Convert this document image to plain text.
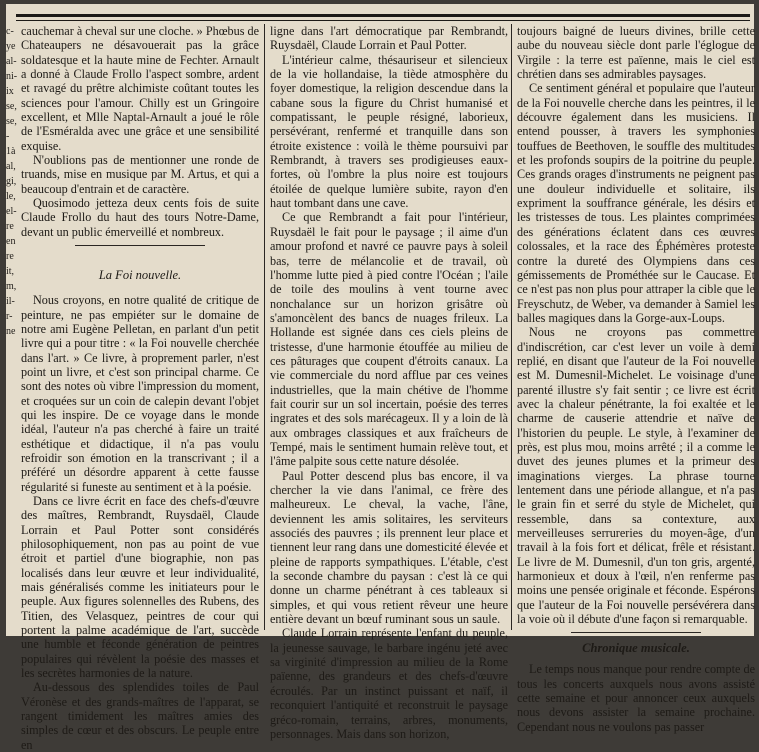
c- ye al- ni- ix se, se, - 1à al, gi, le, el- re en re it, m, il- r- ne

cauchemar à cheval sur une cloche. » Phœbus de Chateaupers ne désavouerait pas la grâce soldatesque et la haute mine de Fechter. Arnault a donné à Claude Frollo l'aspect sombre, ardent et ravagé du prêtre alchimiste coûtant toutes les sciences pour l'amour. Chilly est un Gringoire excellent, et Mlle Naptal-Arnault a joué le rôle de l'Esméralda avec une grâce et une sensibilité exquise.

N'oublions pas de mentionner une ronde de truands, mise en musique par M. Artus, et qui a beaucoup d'entrain et de caractère.

Quosimodo jetteza deux cents fois de suite Claude Frollo du haut des tours Notre-Dame, devant un public émerveillé et nombreux.

La Foi nouvelle.

Nous croyons, en notre qualité de critique de peinture, ne pas empiéter sur le domaine de notre ami Eugène Pelletan, en parlant d'un petit livre qui a pour titre : « la Foi nouvelle cherchée dans l'art. » Ce livre, à proprement parler, n'est point un livre, et c'est son principal charme. Ce sont des notes où vibre l'impression du moment, et croquées sur un coin de calepin devant l'objet qui les inspire. De ce voyage dans le monde idéal, l'auteur n'a pas cherché à faire un traité esthétique et didactique, il n'a pas voulu refroidir son émotion en la transcrivant ; il a préféré un désordre apparent à cette fausse régularité si funeste au sentiment et à la poésie.

Dans ce livre écrit en face des chefs-d'œuvre des maîtres, Rembrandt, Ruysdaël, Claude Lorrain et Paul Potter sont considérés philosophiquement, non pas au point de vue étroit et partiel d'une biographie, non pas localisés dans leur œuvre et leur individualité, mais généralisés comme les initiateurs pour le peuple. Aux figures solennelles des Rubens, des Titien, des Velasquez, peintres de cour qui portent la palme académique de l'art, succède une humble et féconde génération de peintres populaires qui révèlent la poésie des masses et les secrètes harmonies de la nature.

Au-dessous des splendides toiles de Paul Véronèse et des grands-maîtres de l'apparat, se rangent timidement les maîtres amies des simples de cœur et des obscurs. Le peuple entre en

ligne dans l'art démocratique par Rembrandt, Ruysdaël, Claude Lorrain et Paul Potter.

L'intérieur calme, thésauriseur et silencieux de la vie hollandaise, la tiède atmosphère du foyer domestique, la religion descendue dans la cabane sous la figure du Christ humanisé et compatissant, le peuple résigné, laborieux, persévérant, renfermé et tranquille dans son étroite existence : voilà le thème poursuivi par Rembrandt, à travers ses prodigieuses eaux-fortes, où l'ombre la plus noire est toujours étoilée de quelque lumière subite, rayon d'en haut tombant dans une cave.

Ce que Rembrandt a fait pour l'intérieur, Ruysdaël le fait pour le paysage ; il aime d'un amour profond et navré ce pauvre pays à soleil bas, terre de mélancolie et de travail, où l'homme lutte pied à pied contre l'Océan ; l'aile de toile des moulins à vent tourne avec nonchalance sur un horizon grisâtre où s'amoncèlent des bancs de nuages frileux. La Hollande est signée dans ces ciels pleins de tristesse, d'une harmonie étouffée au milieu de ces pâturages que coupent d'étroits canaux. La vie commerciale du nord afflue par ces veines industrielles, que la main chétive de l'homme fait courir sur un sol incertain, poésie des terres ingrates et des sols marécageux. Il y a loin de là aux ombrages classiques et aux fraîcheurs de Tempé, mais le sentiment humain relève tout, et l'âme palpite sous cette nature désolée.

Paul Potter descend plus bas encore, il va chercher la vie dans l'animal, ce frère des malheureux. Le cheval, la vache, l'âne, deviennent les amis solitaires, les serviteurs associés des pauvres ; ils prennent leur place et tiennent leur rang dans une domesticité élevée et pleine de rapports sympathiques. L'étable, c'est la seconde chambre du paysan : c'est là ce qui donne un charme pénétrant à ces tableaux si simples, et qui vous retient rêveur une heure entière devant un bœuf ruminant sous un saule.

Claude Lorrain représente l'enfant du peuple, la jeunesse sauvage, le barbare ingénu jeté avec sa virginité d'impression au milieu de la Rome païenne, des grandeurs et des chefs-d'œuvre écroulés. Par un instinct puissant et naïf, il reconquiert l'antiquité et reconstruit le paysage gréco-romain, terrains, arbres, monuments, personnages. Mais dans son horizon,

toujours baigné de lueurs divines, brille cette aube du nouveau siècle dont parle l'églogue de Virgile : la terre est païenne, mais le ciel est chrétien dans ses admirables paysages.

Ce sentiment général et populaire que l'auteur de la Foi nouvelle cherche dans les peintres, il le découvre également dans les musiciens. Il entend pousser, à travers les symphonies touffues de Beethoven, le souffle des multitudes et les profonds soupirs de la poitrine du peuple. Ces grands orages d'instruments ne peignent pas une douleur individuelle et solitaire, ils expriment la souffrance générale, les désirs et les tristesses de tous. Les plaintes comprimées des générations éclatent dans ces œuvres colossales, et la race des Éphémères proteste contre la dureté des Olympiens dans ces gémissements de Prométhée sur le Caucase. Et ce n'est pas non plus pour attraper la cible que le Freyschutz, de Weber, va demander à Samiel les balles magiques dans la Gorge-aux-Loups.

Nous ne croyons pas commettre d'indiscrétion, car c'est lever un voile à demi replié, en disant que l'auteur de la Foi nouvelle est M. Dumesnil-Michelet. Le voisinage d'une parenté illustre s'y fait sentir ; ce livre est écrit avec la chaleur pénétrante, la foi exaltée et le charme de causerie attendrie et naïve de l'historien du peuple. Le style, à l'examiner de près, est plus mou, moins arrêté ; il a comme le duvet des jeunes plumes et la primeur des imaginations vierges. La phrase tourne lentement dans une période allangue, et n'a pas le grain fin et serré du style de Michelet, qui ressemble, dans sa contexture, aux merveilleuses serrureries du moyen-âge, d'un travail à la fois fort et délicat, frêle et résistant. Le livre de M. Dumesnil, d'un ton gris, argenté, harmonieux et doux à l'œil, n'en renferme pas moins une pensée originale et féconde. Espérons que l'auteur de la Foi nouvelle persévérera dans la voie où il débute d'une façon si remarquable.

Chronique musicale.

Le temps nous manque pour rendre compte de tous les concerts auxquels nous avons assisté cette semaine et pour annoncer ceux auxquels nous devons assister la semaine prochaine. Cependant nous ne voulons pas passer
